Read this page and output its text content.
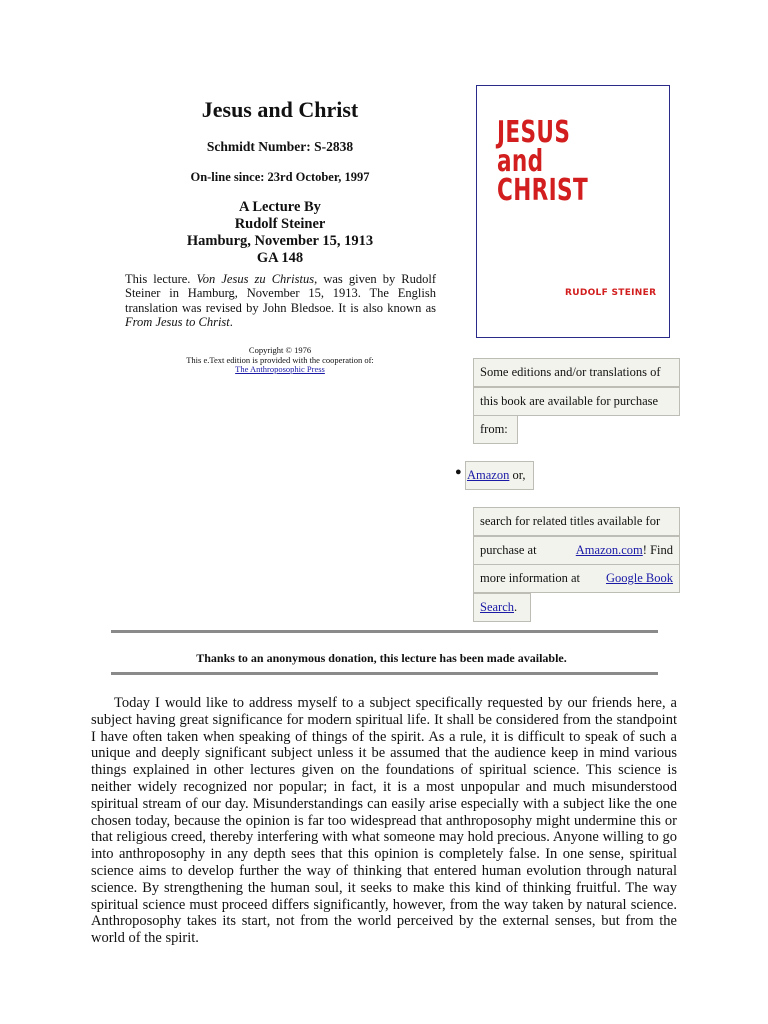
Jesus and Christ
Schmidt Number: S-2838
On-line since: 23rd October, 1997
A Lecture By
Rudolf Steiner
Hamburg, November 15, 1913
GA 148
This lecture. Von Jesus zu Christus, was given by Rudolf Steiner in Hamburg, November 15, 1913. The English translation was revised by John Bledsoe. It is also known as From Jesus to Christ.
Copyright © 1976
This e.Text edition is provided with the cooperation of:
The Anthroposophic Press
JESUS
and
CHRIST
RUDOLF STEINER
Some editions and/or translations of
this book are available for purchase
from:
● Amazon or,
search for related titles available for
purchase at	Amazon.com! Find
more information at Google Book
Search.
Thanks to an anonymous donation, this lecture has been made available.
Today I would like to address myself to a subject specifically requested by our friends here, a subject having great significance for modern spiritual life. It shall be considered from the standpoint I have often taken when speaking of things of the spirit. As a rule, it is difficult to speak of such a unique and deeply significant subject unless it be assumed that the audience keep in mind various things explained in other lectures given on the foundations of spiritual science. This science is neither widely recognized nor popular; in fact, it is a most unpopular and much misunderstood spiritual stream of our day. Misunderstandings can easily arise especially with a subject like the one chosen today, because the opinion is far too widespread that anthroposophy might undermine this or that religious creed, thereby interfering with what someone may hold precious. Anyone willing to go into anthroposophy in any depth sees that this opinion is completely false. In one sense, spiritual science aims to develop further the way of thinking that entered human evolution through natural science. By strengthening the human soul, it seeks to make this kind of thinking fruitful. The way spiritual science must proceed differs significantly, however, from the way taken by natural science. Anthroposophy takes its start, not from the world perceived by the external senses, but from the world of the spirit.
